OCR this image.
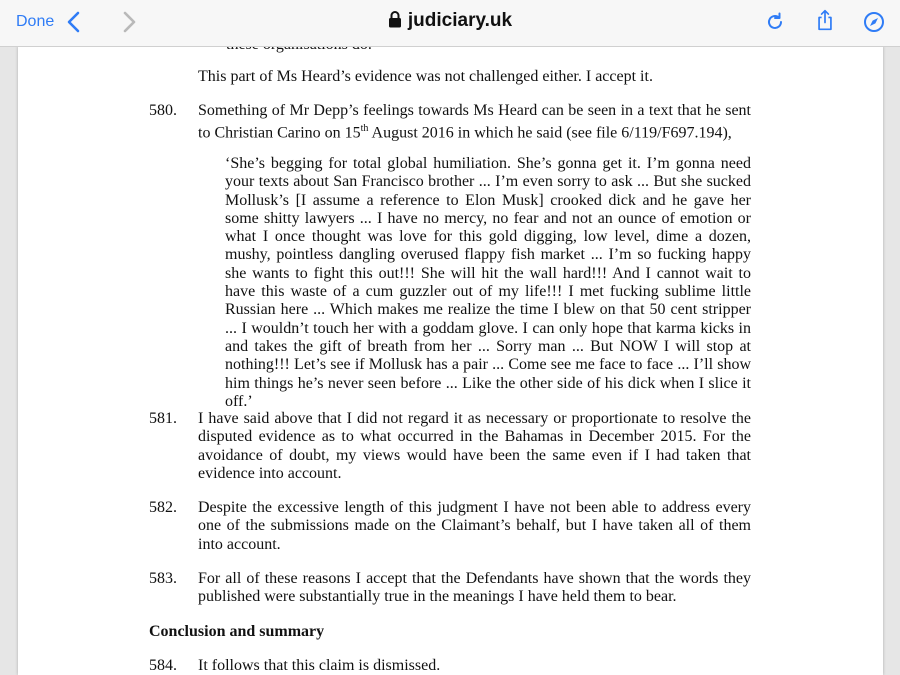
Done	judiciary.uk
This part of Ms Heard’s evidence was not challenged either. I accept it.
580. Something of Mr Depp’s feelings towards Ms Heard can be seen in a text that he sent to Christian Carino on 15th August 2016 in which he said (see file 6/119/F697.194),
‘She’s begging for total global humiliation. She’s gonna get it. I’m gonna need your texts about San Francisco brother ... I’m even sorry to ask ... But she sucked Mollusk’s [I assume a reference to Elon Musk] crooked dick and he gave her some shitty lawyers ... I have no mercy, no fear and not an ounce of emotion or what I once thought was love for this gold digging, low level, dime a dozen, mushy, pointless dangling overused flappy fish market ... I’m so fucking happy she wants to fight this out!!! She will hit the wall hard!!! And I cannot wait to have this waste of a cum guzzler out of my life!!! I met fucking sublime little Russian here ... Which makes me realize the time I blew on that 50 cent stripper ... I wouldn’t touch her with a goddam glove. I can only hope that karma kicks in and takes the gift of breath from her ... Sorry man ... But NOW I will stop at nothing!!! Let’s see if Mollusk has a pair ... Come see me face to face ... I’ll show him things he’s never seen before ... Like the other side of his dick when I slice it off.’
581. I have said above that I did not regard it as necessary or proportionate to resolve the disputed evidence as to what occurred in the Bahamas in December 2015. For the avoidance of doubt, my views would have been the same even if I had taken that evidence into account.
582. Despite the excessive length of this judgment I have not been able to address every one of the submissions made on the Claimant’s behalf, but I have taken all of them into account.
583. For all of these reasons I accept that the Defendants have shown that the words they published were substantially true in the meanings I have held them to bear.
Conclusion and summary
584. It follows that this claim is dismissed.
